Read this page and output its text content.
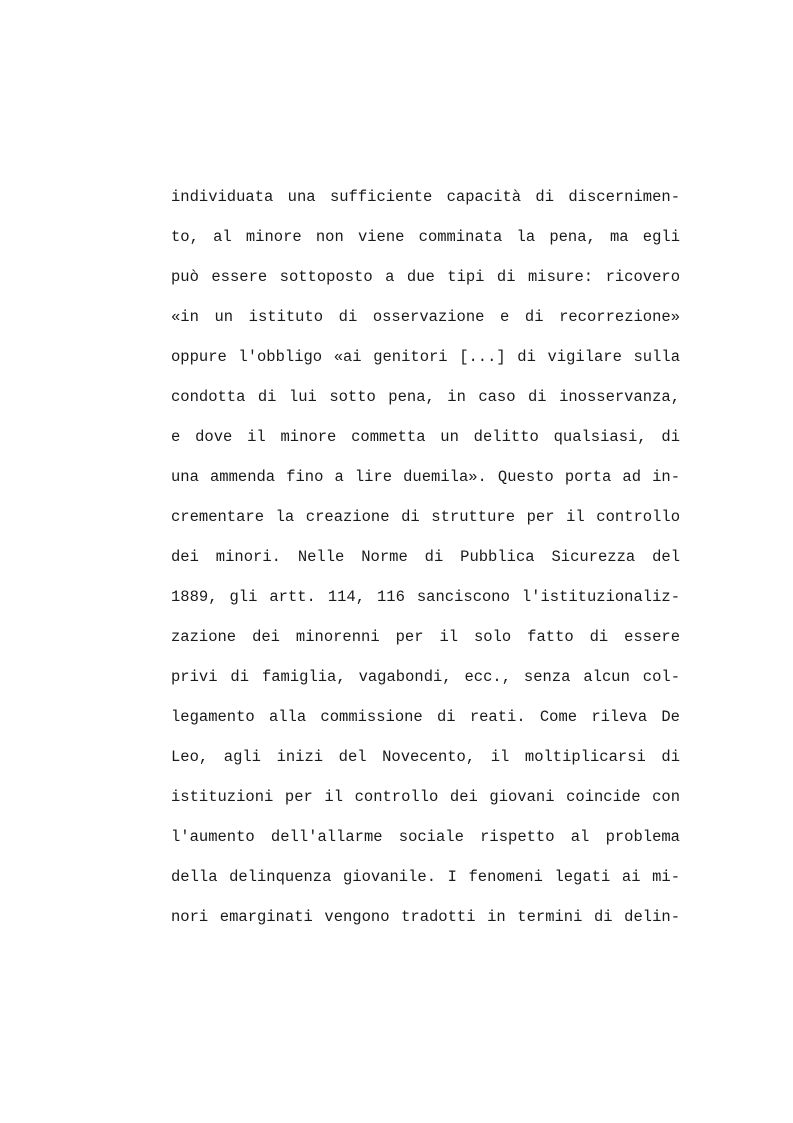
individuata una sufficiente capacità di discernimen-
to, al minore non viene comminata la pena, ma egli
può essere sottoposto a due tipi di misure: ricovero
«in un istituto di osservazione e di recorrezione»
oppure l'obbligo «ai genitori [...] di vigilare sulla
condotta di lui sotto pena, in caso di inosservanza,
e dove il minore commetta un delitto qualsiasi, di
una ammenda fino a lire duemila». Questo porta ad in-
crementare la creazione di strutture per il controllo
dei minori. Nelle Norme di Pubblica Sicurezza del
1889, gli artt. 114, 116 sanciscono l'istituzionaliz-
zazione dei minorenni per il solo fatto di essere
privi di famiglia, vagabondi, ecc., senza alcun col-
legamento alla commissione di reati. Come rileva De
Leo, agli inizi del Novecento, il moltiplicarsi di
istituzioni per il controllo dei giovani coincide con
l'aumento dell'allarme sociale rispetto al problema
della delinquenza giovanile. I fenomeni legati ai mi-
nori emarginati vengono tradotti in termini di delin-
